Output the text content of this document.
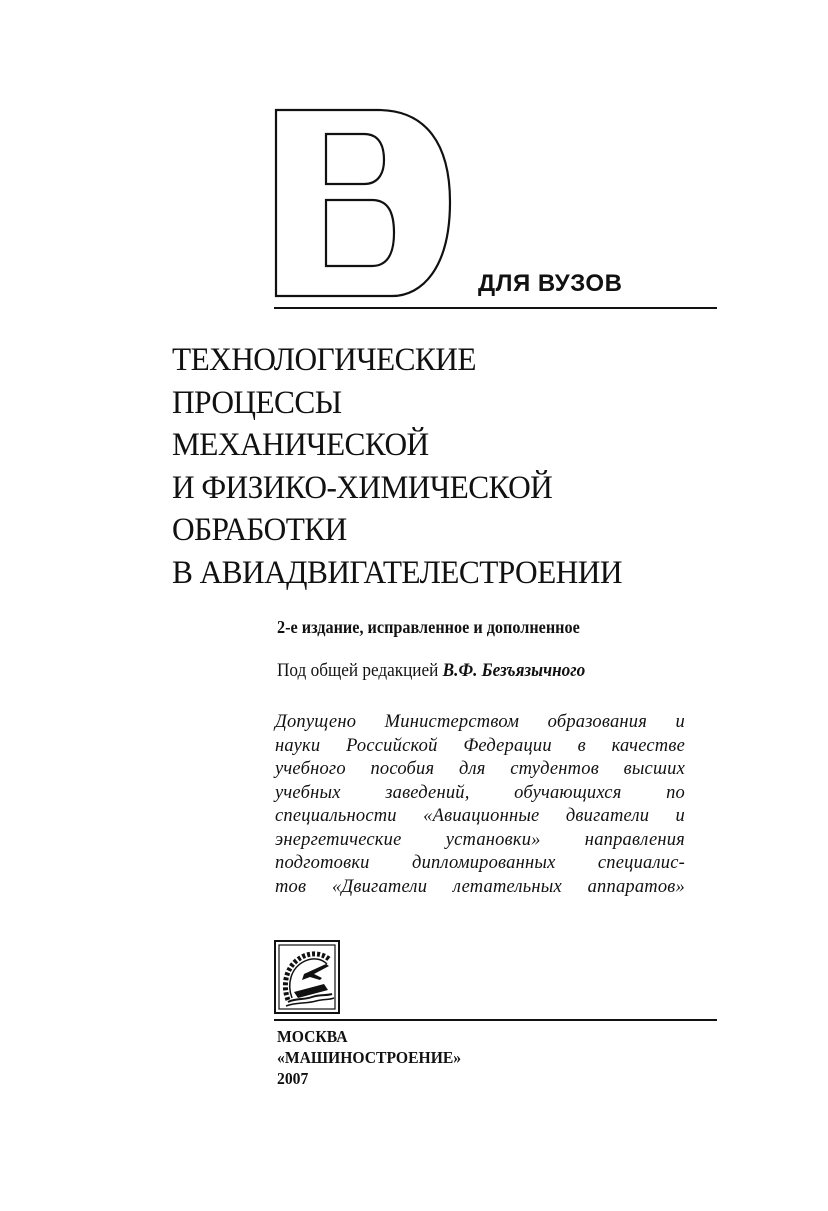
ДЛЯ ВУЗОВ
ТЕХНОЛОГИЧЕСКИЕ
ПРОЦЕССЫ
МЕХАНИЧЕСКОЙ
И ФИЗИКО-ХИМИЧЕСКОЙ
ОБРАБОТКИ
В АВИАДВИГАТЕЛЕСТРОЕНИИ
2-е издание, исправленное и дополненное
Под общей редакцией В.Ф. Безъязычного
Допущено Министерством образования и
науки Российской Федерации в качестве
учебного пособия для студентов высших
учебных заведений, обучающихся по
специальности «Авиационные двигатели и
энергетические установки» направления
подготовки дипломированных специалис-
тов «Двигатели летательных аппаратов»
МОСКВА
«МАШИНОСТРОЕНИЕ»
2007
